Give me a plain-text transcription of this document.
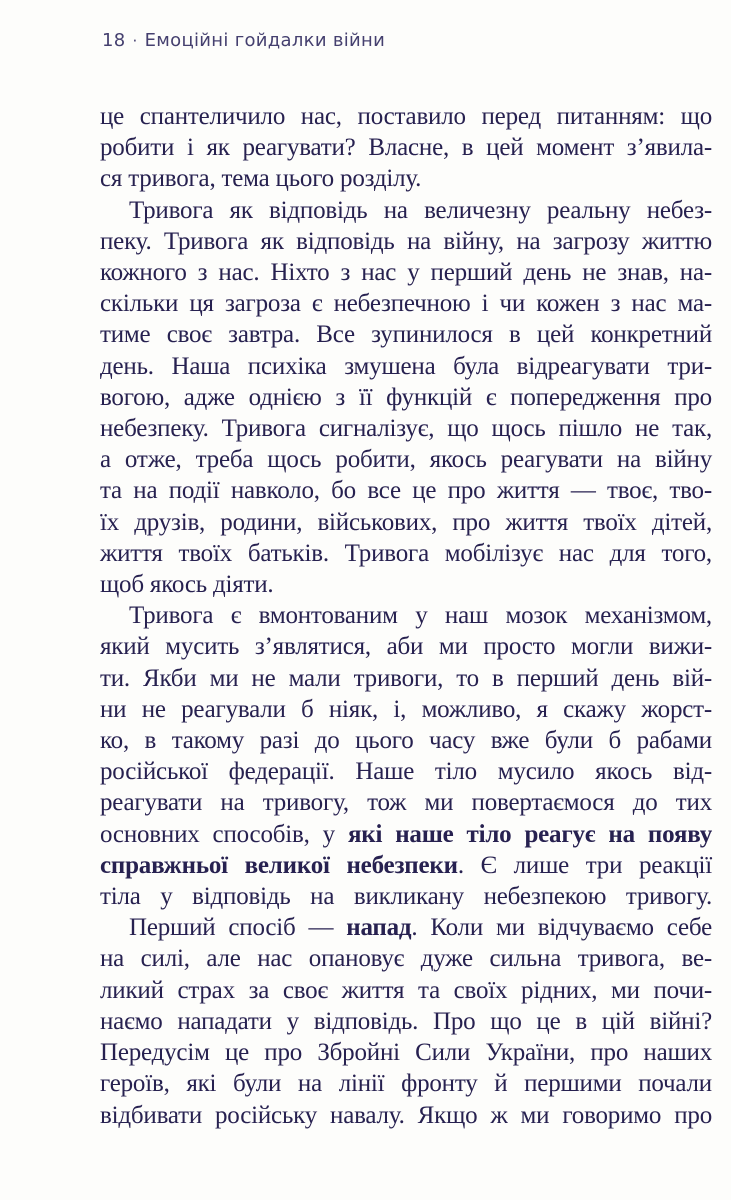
18 · Емоційні гойдалки війни
це спантеличило нас, поставило перед питанням: що
робити і як реагувати? Власне, в цей момент з’явила-
ся тривога, тема цього розділу.
Тривога як відповідь на величезну реальну небез-
пеку. Тривога як відповідь на війну, на загрозу життю
кожного з нас. Ніхто з нас у перший день не знав, на-
скільки ця загроза є небезпечною і чи кожен з нас ма-
тиме своє завтра. Все зупинилося в цей конкретний
день. Наша психіка змушена була відреагувати три-
вогою, адже однією з її функцій є попередження про
небезпеку. Тривога сигналізує, що щось пішло не так,
а отже, треба щось робити, якось реагувати на війну
та на події навколо, бо все це про життя — твоє, тво-
їх друзів, родини, військових, про життя твоїх дітей,
життя твоїх батьків. Тривога мобілізує нас для того,
щоб якось діяти.
Тривога є вмонтованим у наш мозок механізмом,
який мусить з’являтися, аби ми просто могли вижи-
ти. Якби ми не мали тривоги, то в перший день вій-
ни не реагували б ніяк, і, можливо, я скажу жорст-
ко, в такому разі до цього часу вже були б рабами
російської федерації. Наше тіло мусило якось від-
реагувати на тривогу, тож ми повертаємося до тих
основних способів, у які наше тіло реагує на появу
справжньої великої небезпеки. Є лише три реакції
тіла у відповідь на викликану небезпекою тривогу.
Перший спосіб — напад. Коли ми відчуваємо себе
на силі, але нас опановує дуже сильна тривога, ве-
ликий страх за своє життя та своїх рідних, ми почи-
наємо нападати у відповідь. Про що це в цій війні?
Передусім це про Збройні Сили України, про наших
героїв, які були на лінії фронту й першими почали
відбивати російську навалу. Якщо ж ми говоримо про
